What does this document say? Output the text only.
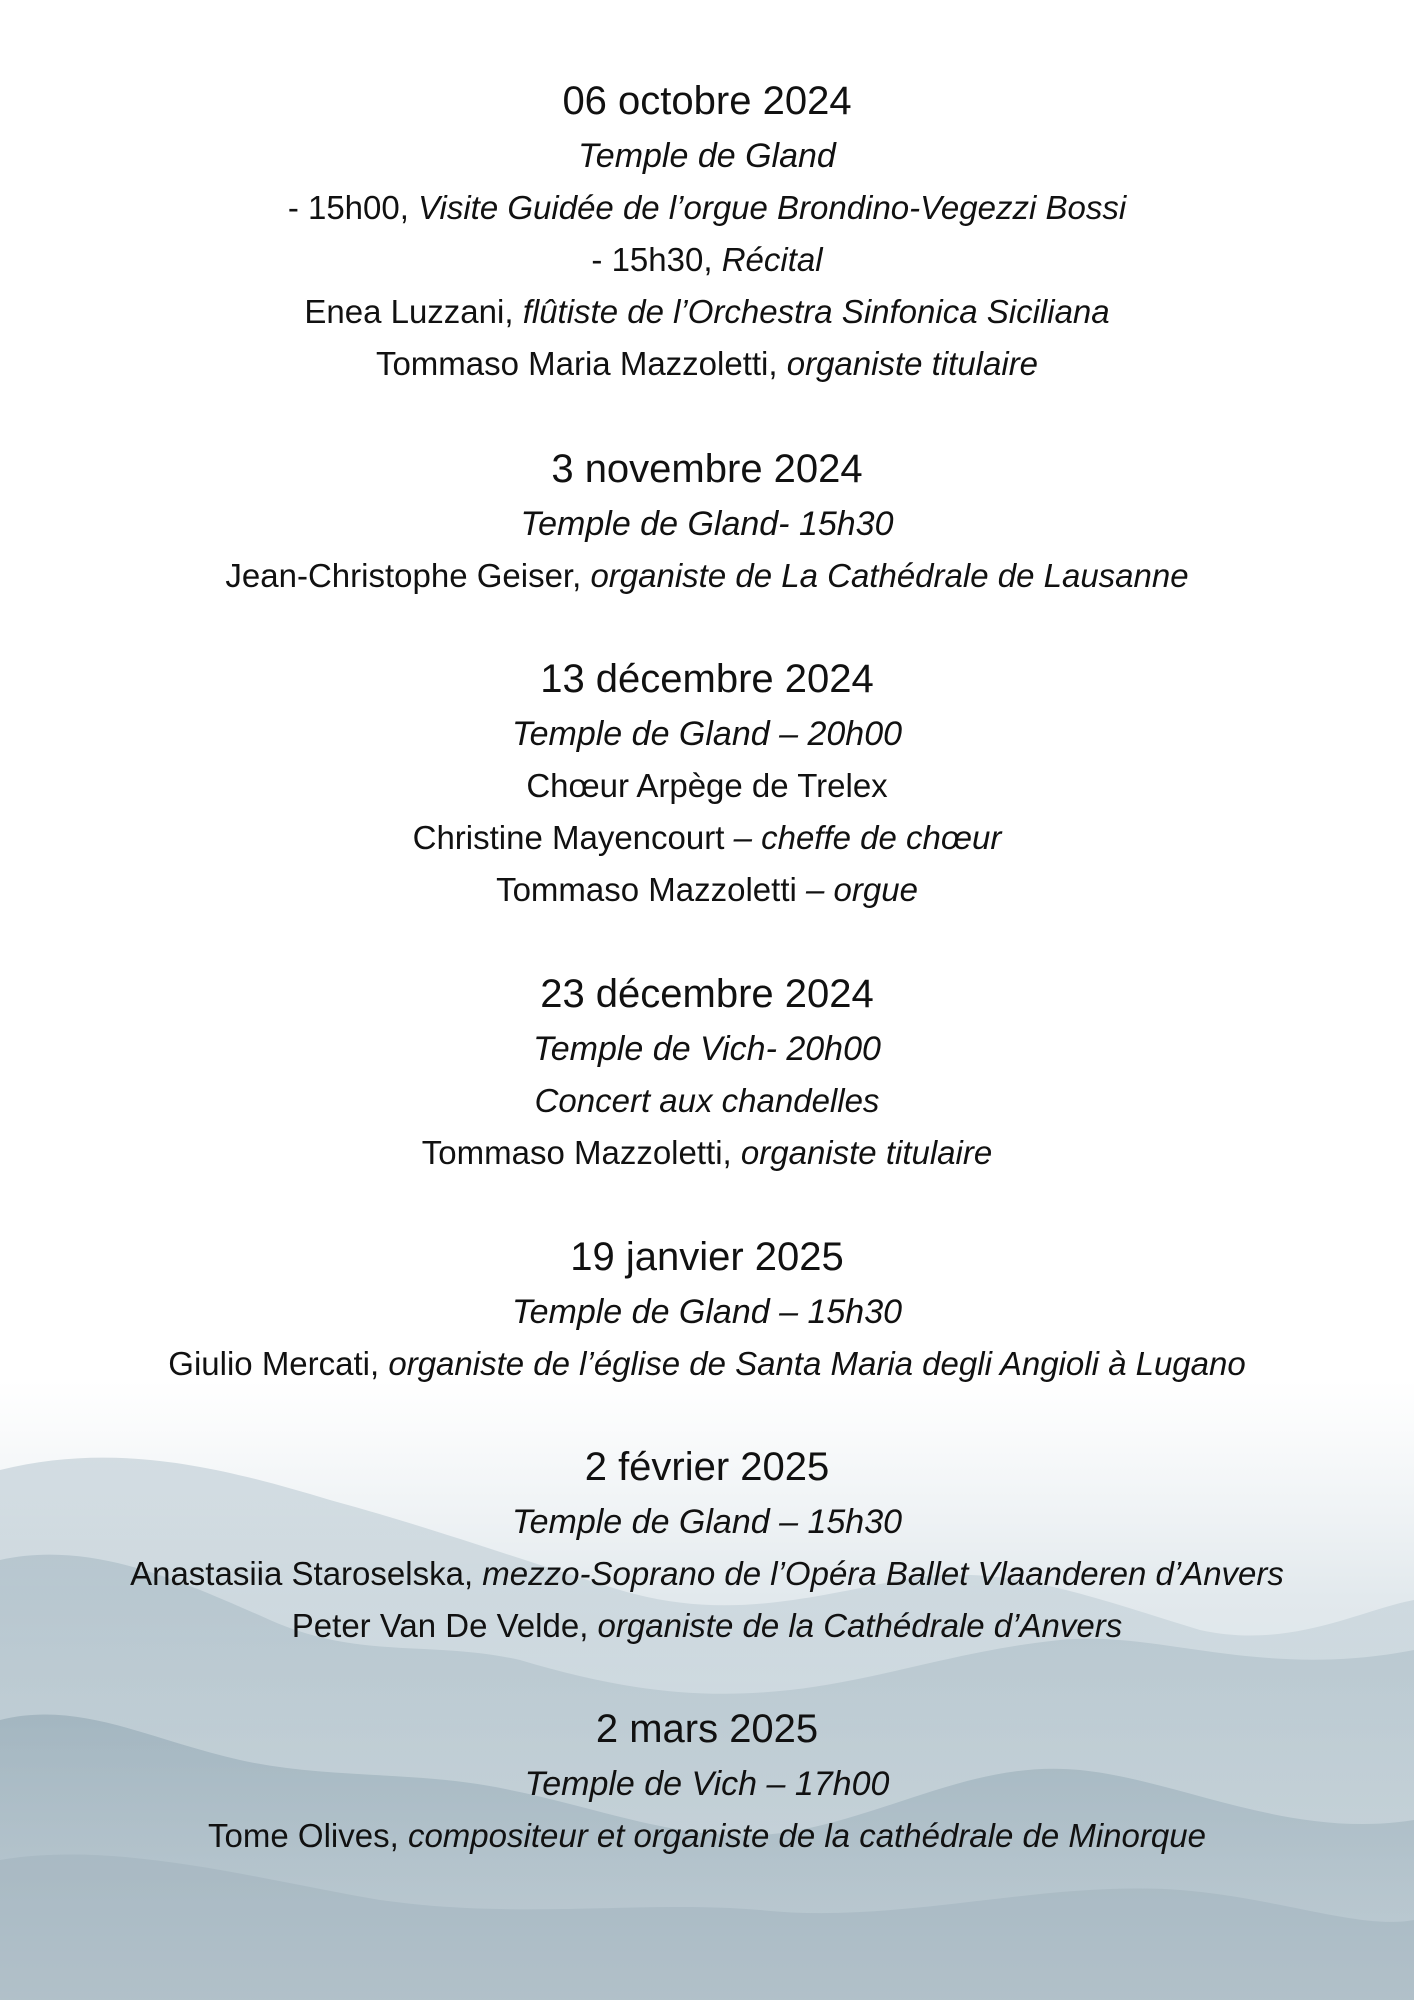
06 octobre 2024
Temple de Gland
- 15h00, Visite Guidée de l’orgue Brondino-Vegezzi Bossi
- 15h30, Récital
Enea Luzzani, flûtiste de l’Orchestra Sinfonica Siciliana
Tommaso Maria Mazzoletti, organiste titulaire
3 novembre 2024
Temple de Gland- 15h30
Jean-Christophe Geiser, organiste de La Cathédrale de Lausanne
13 décembre 2024
Temple de Gland – 20h00
Chœur Arpège de Trelex
Christine Mayencourt – cheffe de chœur
Tommaso Mazzoletti – orgue
23 décembre 2024
Temple de Vich- 20h00
Concert aux chandelles
Tommaso Mazzoletti, organiste titulaire
19 janvier 2025
Temple de Gland – 15h30
Giulio Mercati, organiste de l’église de Santa Maria degli Angioli à Lugano
2 février 2025
Temple de Gland – 15h30
Anastasiia Staroselska, mezzo-Soprano de l’Opéra Ballet Vlaanderen d’Anvers
Peter Van De Velde, organiste de la Cathédrale d’Anvers
2 mars 2025
Temple de Vich – 17h00
Tome Olives, compositeur et organiste de la cathédrale de Minorque
